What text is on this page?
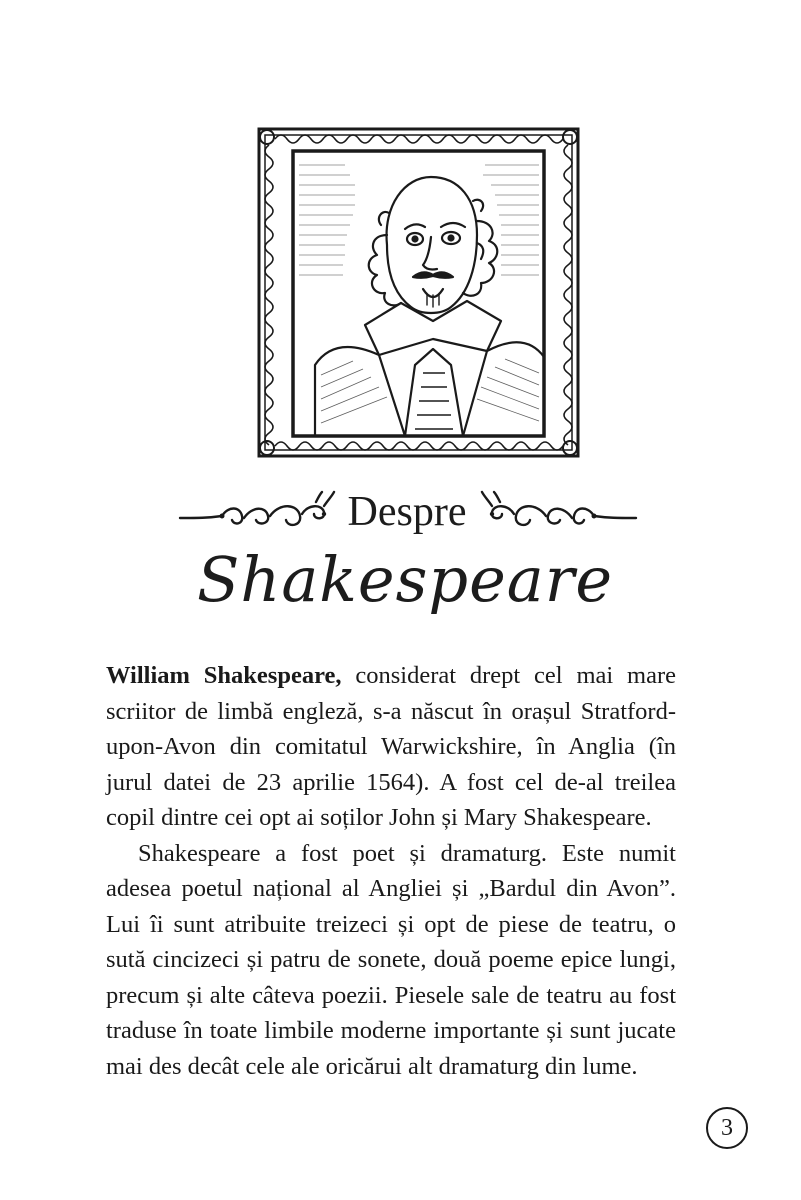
Despre
Shakespeare

William Shakespeare, considerat drept cel mai mare scriitor de limbă engleză, s-a născut în orașul Stratford-upon-Avon din comitatul Warwickshire, în Anglia (în jurul datei de 23 aprilie 1564). A fost cel de-al treilea copil dintre cei opt ai soților John și Mary Shakespeare.

Shakespeare a fost poet și dramaturg. Este numit adesea poetul național al Angliei și „Bardul din Avon”. Lui îi sunt atribuite treizeci și opt de piese de teatru, o sută cincizeci și patru de sonete, două poeme epice lungi, precum și alte câteva poezii. Piesele sale de teatru au fost traduse în toate limbile moderne importante și sunt jucate mai des decât cele ale oricărui alt dramaturg din lume.

3
